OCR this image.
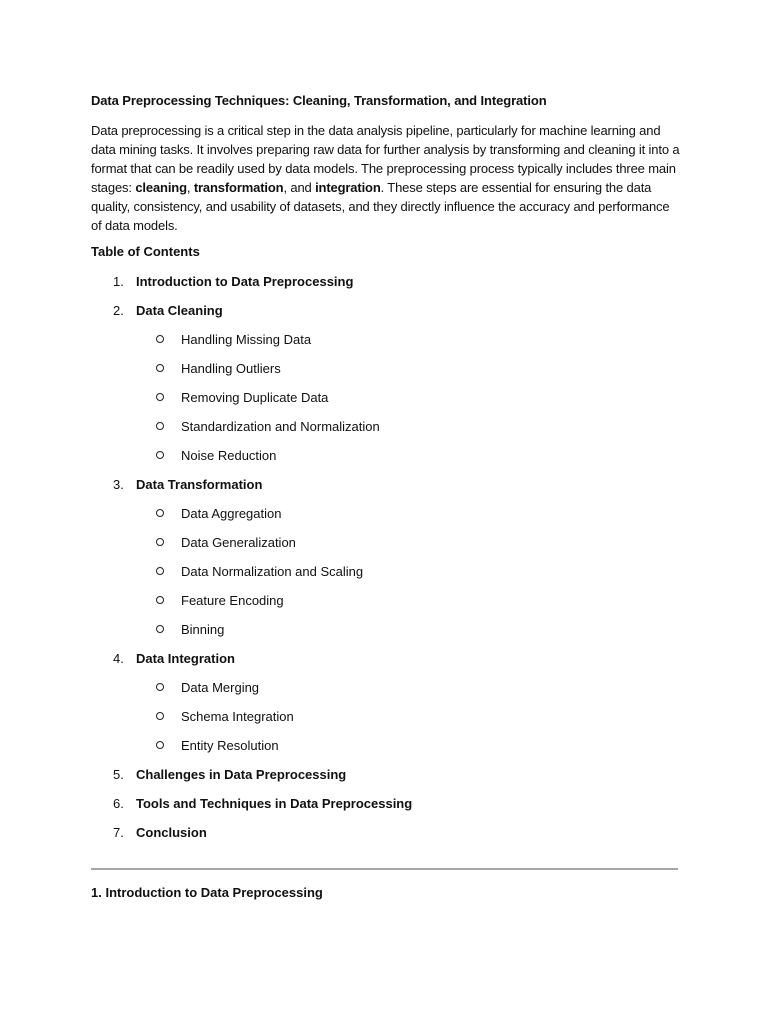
Data Preprocessing Techniques: Cleaning, Transformation, and Integration

Data preprocessing is a critical step in the data analysis pipeline, particularly for machine learning and data mining tasks. It involves preparing raw data for further analysis by transforming and cleaning it into a format that can be readily used by data models. The preprocessing process typically includes three main stages: cleaning, transformation, and integration. These steps are essential for ensuring the data quality, consistency, and usability of datasets, and they directly influence the accuracy and performance of data models.

Table of Contents
1. Introduction to Data Preprocessing
2. Data Cleaning
Handling Missing Data
Handling Outliers
Removing Duplicate Data
Standardization and Normalization
Noise Reduction
3. Data Transformation
Data Aggregation
Data Generalization
Data Normalization and Scaling
Feature Encoding
Binning
4. Data Integration
Data Merging
Schema Integration
Entity Resolution
5. Challenges in Data Preprocessing
6. Tools and Techniques in Data Preprocessing
7. Conclusion
1. Introduction to Data Preprocessing
